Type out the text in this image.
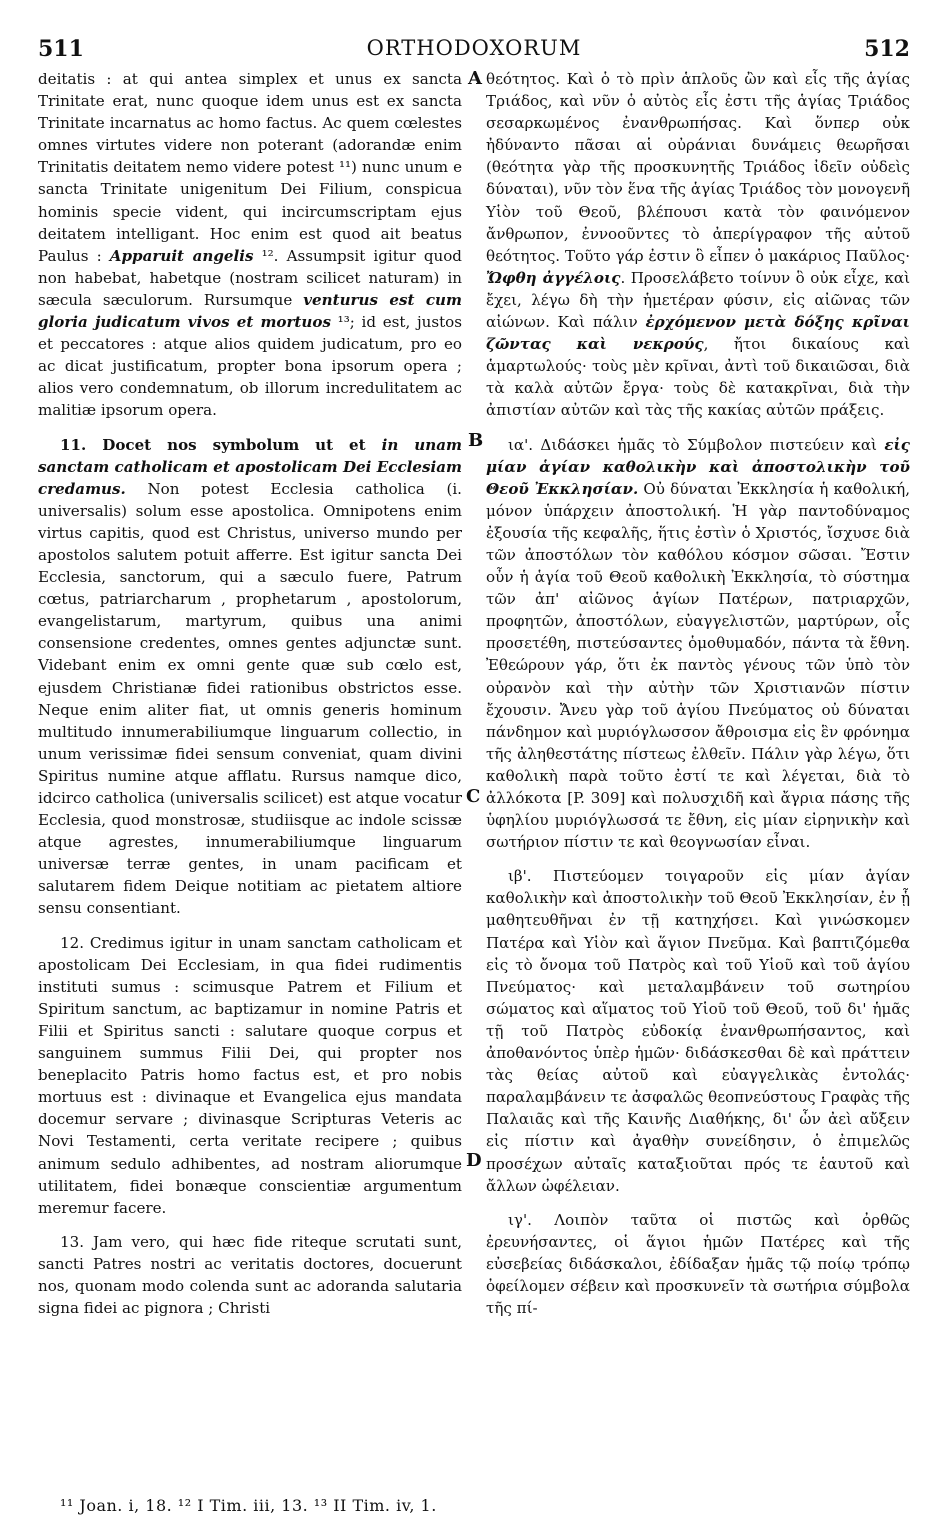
511	ORTHODOXORUM	512

deitatis : at qui antea simplex et unus ex sancta Trinitate erat, nunc quoque idem unus est ex sancta Trinitate incarnatus ac homo factus. Ac quem cœlestes omnes virtutes videre non poterant (adorandæ enim Trinitatis deitatem nemo videre potest ¹¹) nunc unum e sancta Trinitate unigenitum Dei Filium, conspicua hominis specie vident, qui incircumscriptam ejus deitatem intelligant. Hoc enim est quod ait beatus Paulus : Apparuit angelis ¹². Assumpsit igitur quod non habebat, habetque (nostram scilicet naturam) in sæcula sæculorum. Rursumque venturus est cum gloria judicatum vivos et mortuos ¹³; id est, justos et peccatores : atque alios quidem judicatum, pro eo ac dicat justificatum, propter bona ipsorum opera ; alios vero condemnatum, ob illorum incredulitatem ac malitiæ ipsorum opera.

11. Docet nos symbolum ut et in unam sanctam catholicam et apostolicam Dei Ecclesiam credamus. Non potest Ecclesia catholica (i. universalis) solum esse apostolica. Omnipotens enim virtus capitis, quod est Christus, universo mundo per apostolos salutem potuit afferre. Est igitur sancta Dei Ecclesia, sanctorum, qui a sæculo fuere, Patrum cœtus, patriarcharum , prophetarum , apostolorum, evangelistarum, martyrum, quibus una animi consensione credentes, omnes gentes adjunctæ sunt. Videbant enim ex omni gente quæ sub cœlo est, ejusdem Christianæ fidei rationibus obstrictos esse. Neque enim aliter fiat, ut omnis generis hominum multitudo innumerabiliumque linguarum collectio, in unum verissimæ fidei sensum conveniat, quam divini Spiritus numine atque afflatu. Rursus namque dico, idcirco catholica (universalis scilicet) est atque vocatur Ecclesia, quod monstrosæ, studiisque ac indole scissæ atque agrestes, innumerabiliumque linguarum universæ terræ gentes, in unam pacificam et salutarem fidem Deique notitiam ac pietatem altiore sensu consentiant.

12. Credimus igitur in unam sanctam catholicam et apostolicam Dei Ecclesiam, in qua fidei rudimentis instituti sumus : scimusque Patrem et Filium et Spiritum sanctum, ac baptizamur in nomine Patris et Filii et Spiritus sancti : salutare quoque corpus et sanguinem summus Filii Dei, qui propter nos beneplacito Patris homo factus est, et pro nobis mortuus est : divinaque et Evangelica ejus mandata docemur servare ; divinasque Scripturas Veteris ac Novi Testamenti, certa veritate recipere ; quibus animum sedulo adhibentes, ad nostram aliorumque utilitatem, fidei bonæque conscientiæ argumentum meremur facere.

13. Jam vero, qui hæc fide riteque scrutati sunt, sancti Patres nostri ac veritatis doctores, docuerunt nos, quonam modo colenda sunt ac adoranda salutaria signa fidei ac pignora ; Christi

θεότητος. Καὶ ὁ τὸ πρὶν ἁπλοῦς ὢν καὶ εἷς τῆς ἁγίας Τριάδος, καὶ νῦν ὁ αὐτὸς εἷς ἐστι τῆς ἁγίας Τριάδος σεσαρκωμένος ἐνανθρωπήσας. Καὶ ὅνπερ οὐκ ἠδύναντο πᾶσαι αἱ οὐράνιαι δυνάμεις θεωρῆσαι (θεότητα γὰρ τῆς προσκυνητῆς Τριάδος ἰδεῖν οὐδεὶς δύναται), νῦν τὸν ἕνα τῆς ἁγίας Τριάδος τὸν μονογενῆ Υἱὸν τοῦ Θεοῦ, βλέπουσι κατὰ τὸν φαινόμενον ἄνθρωπον, ἐννοοῦντες τὸ ἀπερίγραφον τῆς αὐτοῦ θεότητος. Τοῦτο γάρ ἐστιν ὃ εἶπεν ὁ μακάριος Παῦλος· Ὤφθη ἀγγέλοις. Προσελάβετο τοίνυν ὃ οὐκ εἶχε, καὶ ἔχει, λέγω δὴ τὴν ἡμετέραν φύσιν, εἰς αἰῶνας τῶν αἰώνων. Καὶ πάλιν ἐρχόμενον μετὰ δόξης κρῖναι ζῶντας καὶ νεκρούς, ἤτοι δικαίους καὶ ἁμαρτωλούς· τοὺς μὲν κρῖναι, ἀντὶ τοῦ δικαιῶσαι, διὰ τὰ καλὰ αὐτῶν ἔργα· τοὺς δὲ κατακρῖναι, διὰ τὴν ἀπιστίαν αὐτῶν καὶ τὰς τῆς κακίας αὐτῶν πράξεις.

ια'. Διδάσκει ἡμᾶς τὸ Σύμβολον πιστεύειν καὶ εἰς μίαν ἁγίαν καθολικὴν καὶ ἀποστολικὴν τοῦ Θεοῦ Ἐκκλησίαν. Οὐ δύναται Ἐκκλησία ἡ καθολική, μόνον ὑπάρχειν ἀποστολική. Ἡ γὰρ παντοδύναμος ἐξουσία τῆς κεφαλῆς, ἥτις ἐστὶν ὁ Χριστός, ἴσχυσε διὰ τῶν ἀποστόλων τὸν καθόλου κόσμον σῶσαι. Ἔστιν οὖν ἡ ἁγία τοῦ Θεοῦ καθολικὴ Ἐκκλησία, τὸ σύστημα τῶν ἀπ' αἰῶνος ἁγίων Πατέρων, πατριαρχῶν, προφητῶν, ἀποστόλων, εὐαγγελιστῶν, μαρτύρων, οἷς προσετέθη, πιστεύσαντες ὁμοθυμαδόν, πάντα τὰ ἔθνη. Ἐθεώρουν γάρ, ὅτι ἐκ παντὸς γένους τῶν ὑπὸ τὸν οὐρανὸν καὶ τὴν αὐτὴν τῶν Χριστιανῶν πίστιν ἔχουσιν. Ἄνευ γὰρ τοῦ ἁγίου Πνεύματος οὐ δύναται πάνδημον καὶ μυριόγλωσσον ἄθροισμα εἰς ἓν φρόνημα τῆς ἀληθεστάτης πίστεως ἐλθεῖν. Πάλιν γὰρ λέγω, ὅτι καθολικὴ παρὰ τοῦτο ἐστί τε καὶ λέγεται, διὰ τὸ ἀλλόκοτα [P. 309] καὶ πολυσχιδῆ καὶ ἄγρια πάσης τῆς ὑφηλίου μυριόγλωσσά τε ἔθνη, εἰς μίαν εἰρηνικὴν καὶ σωτήριον πίστιν τε καὶ θεογνωσίαν εἶναι.

ιβ'. Πιστεύομεν τοιγαροῦν εἰς μίαν ἁγίαν καθολικὴν καὶ ἀποστολικὴν τοῦ Θεοῦ Ἐκκλησίαν, ἐν ᾗ μαθητευθῆναι ἐν τῇ κατηχήσει. Καὶ γινώσκομεν Πατέρα καὶ Υἱὸν καὶ ἅγιον Πνεῦμα. Καὶ βαπτιζόμεθα εἰς τὸ ὄνομα τοῦ Πατρὸς καὶ τοῦ Υἱοῦ καὶ τοῦ ἁγίου Πνεύματος· καὶ μεταλαμβάνειν τοῦ σωτηρίου σώματος καὶ αἵματος τοῦ Υἱοῦ τοῦ Θεοῦ, τοῦ δι' ἡμᾶς τῇ τοῦ Πατρὸς εὐδοκίᾳ ἐνανθρωπήσαντος, καὶ ἀποθανόντος ὑπὲρ ἡμῶν· διδάσκεσθαι δὲ καὶ πράττειν τὰς θείας αὐτοῦ καὶ εὐαγγελικὰς ἐντολάς· παραλαμβάνειν τε ἀσφαλῶς θεοπνεύστους Γραφὰς τῆς Παλαιᾶς καὶ τῆς Καινῆς Διαθήκης, δι' ὧν ἀεὶ αὔξειν εἰς πίστιν καὶ ἀγαθὴν συνείδησιν, ὁ ἐπιμελῶς προσέχων αὐταῖς καταξιοῦται πρός τε ἑαυτοῦ καὶ ἄλλων ὠφέλειαν.

ιγ'. Λοιπὸν ταῦτα οἱ πιστῶς καὶ ὀρθῶς ἐρευνήσαντες, οἱ ἅγιοι ἡμῶν Πατέρες καὶ τῆς εὐσεβείας διδάσκαλοι, ἐδίδαξαν ἡμᾶς τῷ ποίῳ τρόπῳ ὀφείλομεν σέβειν καὶ προσκυνεῖν τὰ σωτήρια σύμβολα τῆς πί-

A
B
C
D
¹¹ Joan. i, 18. ¹² I Tim. iii, 13. ¹³ II Tim. iv, 1.
